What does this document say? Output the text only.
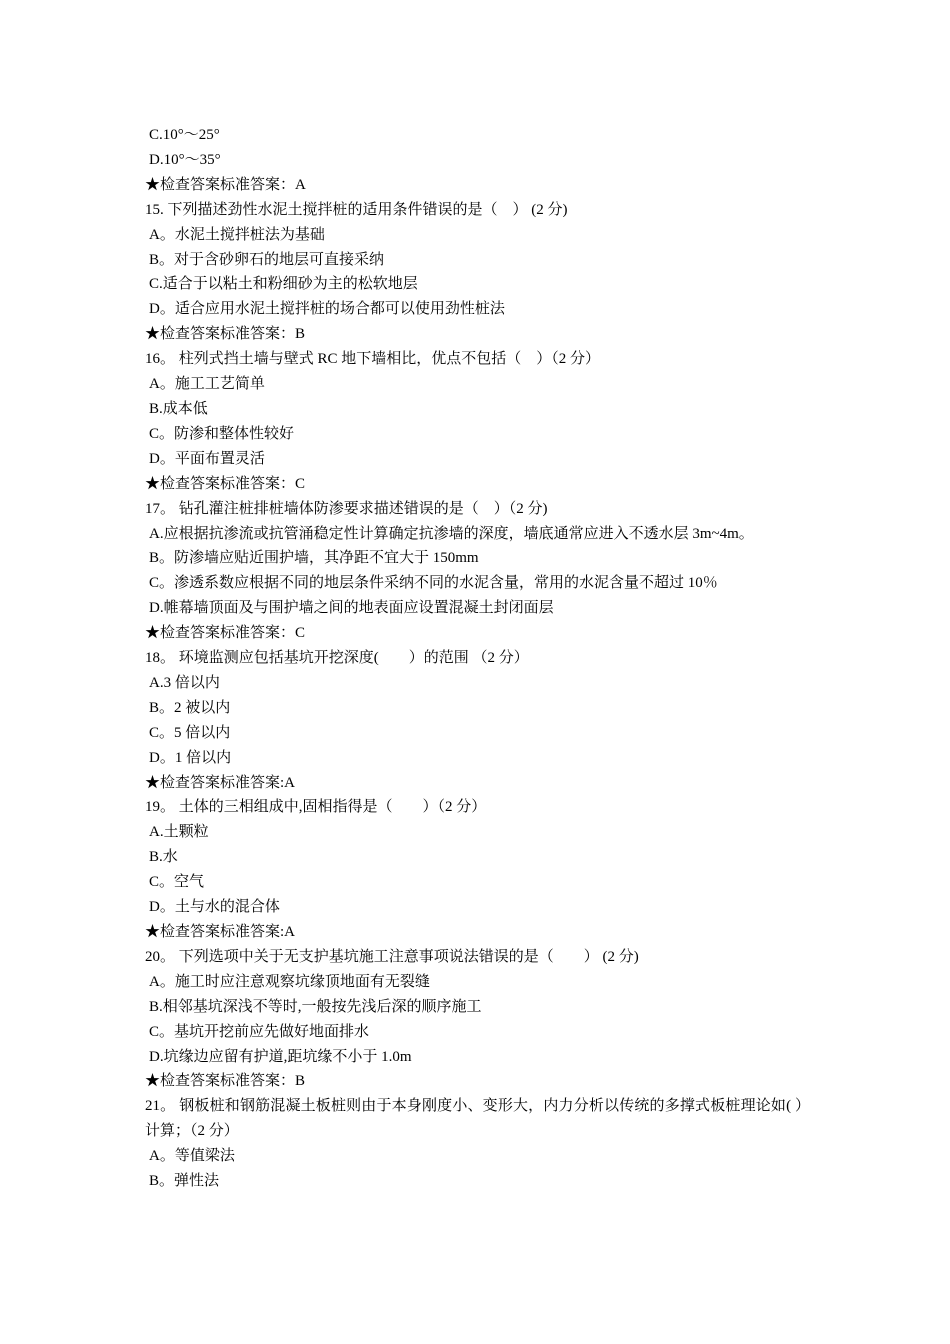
C.10°～25°

D.10°～35°

★检查答案标准答案：A

15. 下列描述劲性水泥土搅拌桩的适用条件错误的是（    ） (2 分)

A。水泥土搅拌桩法为基础

B。对于含砂卵石的地层可直接采纳

C.适合于以粘土和粉细砂为主的松软地层

D。适合应用水泥土搅拌桩的场合都可以使用劲性桩法

★检查答案标准答案：B

16。 柱列式挡土墙与壁式 RC 地下墙相比，优点不包括（    ）（2 分）

A。施工工艺简单

B.成本低

C。防渗和整体性较好

D。平面布置灵活

★检查答案标准答案：C

17。 钻孔灌注桩排桩墙体防渗要求描述错误的是（    ）（2 分)

A.应根据抗渗流或抗管涌稳定性计算确定抗渗墙的深度，墙底通常应进入不透水层 3m~4m。

B。防渗墙应贴近围护墙，其净距不宜大于 150mm

C。渗透系数应根据不同的地层条件采纳不同的水泥含量，常用的水泥含量不超过 10％

D.帷幕墙顶面及与围护墙之间的地表面应设置混凝土封闭面层

★检查答案标准答案：C

18。 环境监测应包括基坑开挖深度(        ）的范围 （2 分）

A.3 倍以内

B。2 被以内

C。5 倍以内

D。1 倍以内

★检查答案标准答案:A

19。 土体的三相组成中,固相指得是（        ）（2 分）

A.土颗粒

B.水

C。空气

D。土与水的混合体

★检查答案标准答案:A

20。 下列选项中关于无支护基坑施工注意事项说法错误的是（        ） (2 分)

A。施工时应注意观察坑缘顶地面有无裂缝

B.相邻基坑深浅不等时,一般按先浅后深的顺序施工

C。基坑开挖前应先做好地面排水

D.坑缘边应留有护道,距坑缘不小于 1.0m

★检查答案标准答案：B

21。 钢板桩和钢筋混凝土板桩则由于本身刚度小、变形大，内力分析以传统的多撑式板桩理论如( ）计算；（2 分）

A。等值梁法

B。弹性法
